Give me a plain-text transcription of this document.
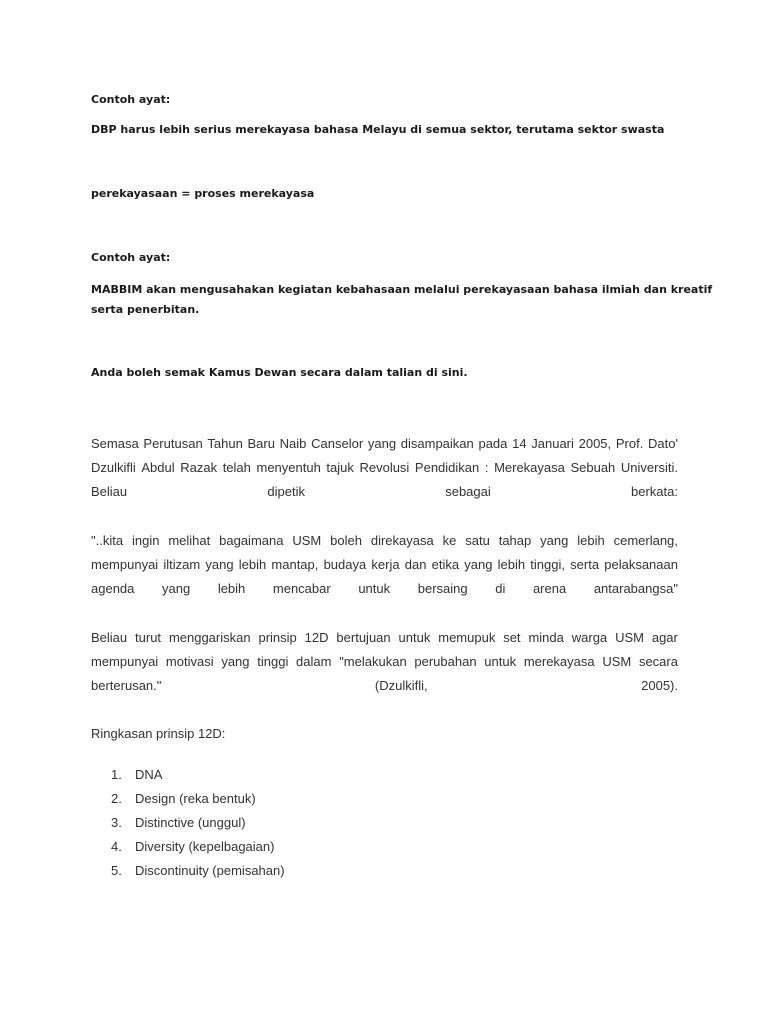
Contoh ayat:

DBP harus lebih serius merekayasa bahasa Melayu di semua sektor, terutama sektor swasta

perekayasaan = proses merekayasa

Contoh ayat:

MABBIM akan mengusahakan kegiatan kebahasaan melalui perekayasaan bahasa ilmiah dan kreatif

serta penerbitan.

Anda boleh semak Kamus Dewan secara dalam talian di sini.

Semasa Perutusan Tahun Baru Naib Canselor yang disampaikan pada 14 Januari 2005, Prof. Dato'
Dzulkifli Abdul Razak telah menyentuh tajuk Revolusi Pendidikan : Merekayasa Sebuah Universiti.
Beliau	dipetik	sebagai	berkata:
"..kita ingin melihat bagaimana USM boleh direkayasa ke satu tahap yang lebih cemerlang,
mempunyai iltizam yang lebih mantap, budaya kerja dan etika yang lebih tinggi, serta pelaksanaan
agenda yang lebih mencabar untuk bersaing di arena antarabangsa"
Beliau turut menggariskan prinsip 12D bertujuan untuk memupuk set minda warga USM agar
mempunyai motivasi yang tinggi dalam "melakukan perubahan untuk merekayasa USM secara
berterusan."	(Dzulkifli,	2005).
Ringkasan prinsip 12D:
1.	DNA
2.	Design (reka bentuk)
3.	Distinctive (unggul)
4.	Diversity (kepelbagaian)
5.	Discontinuity (pemisahan)
